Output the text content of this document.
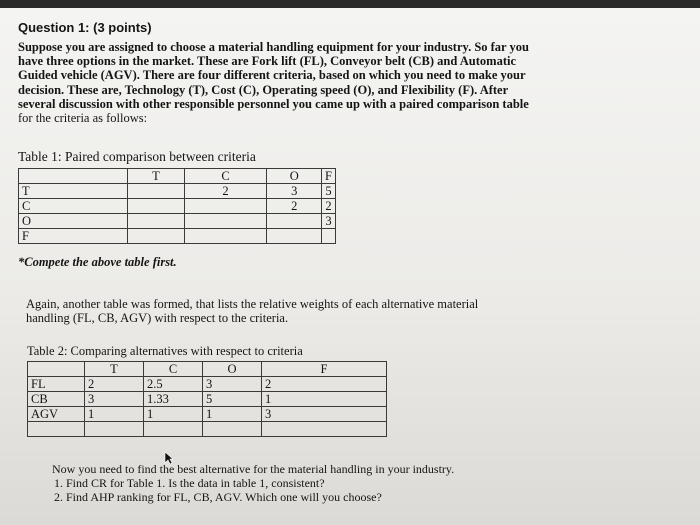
Question 1: (3 points)
Suppose you are assigned to choose a material handling equipment for your industry. So far you
have three options in the market. These are Fork lift (FL), Conveyor belt (CB) and Automatic
Guided vehicle (AGV). There are four different criteria, based on which you need to make your
decision. These are, Technology (T), Cost (C), Operating speed (O), and Flexibility (F). After
several discussion with other responsible personnel you came up with a paired comparison table
for the criteria as follows:
Table 1: Paired comparison between criteria
	T	C	O	F
T		2	3	5
C			2	2
O				3
F				
*Compete the above table first.
Again, another table was formed, that lists the relative weights of each alternative material
handling (FL, CB, AGV) with respect to the criteria.
Table 2: Comparing alternatives with respect to criteria
	T	C	O	F
FL	2	2.5	3	2
CB	3	1.33	5	1
AGV	1	1	1	3

Now you need to find the best alternative for the material handling in your industry.
1. Find CR for Table 1. Is the data in table 1, consistent?
2. Find AHP ranking for FL, CB, AGV. Which one will you choose?
